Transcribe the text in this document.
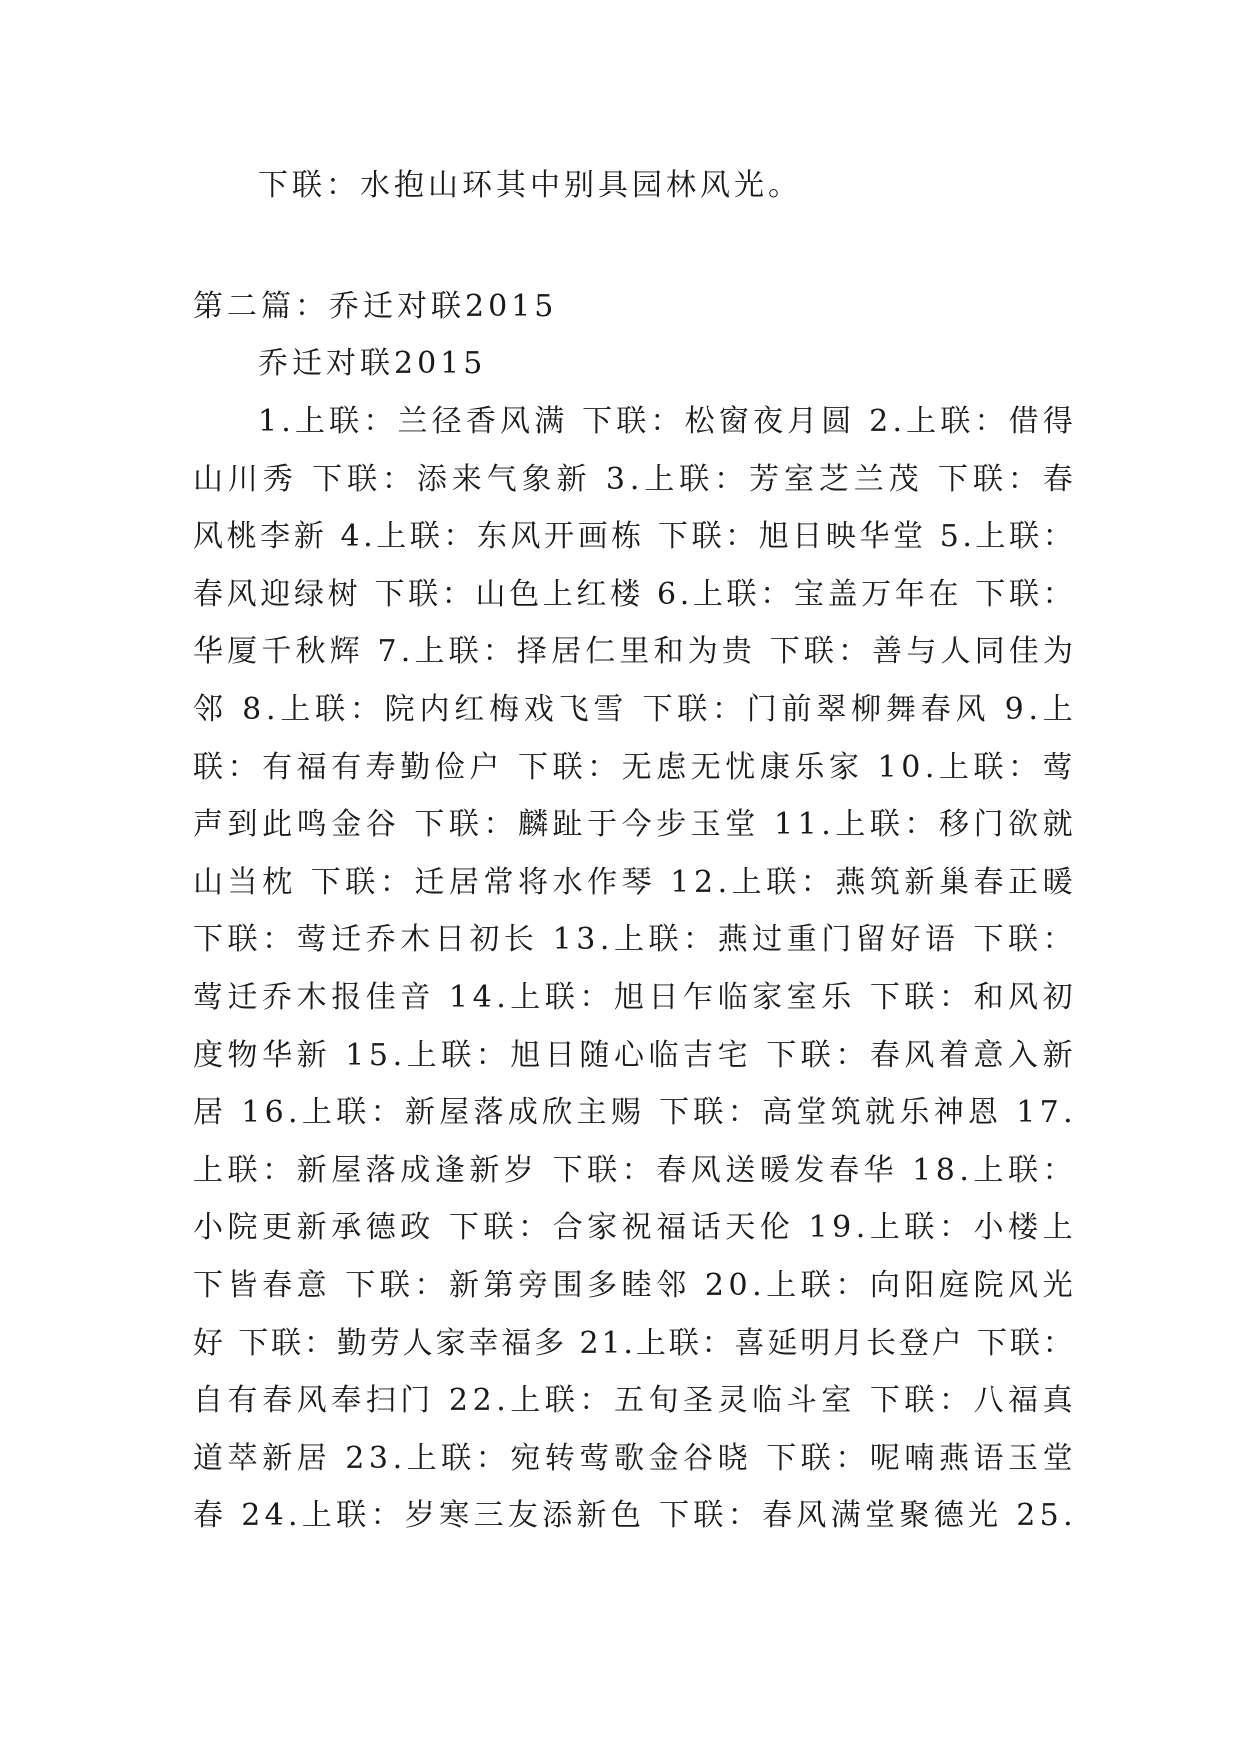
下联：水抱山环其中别具园林风光。
第二篇：乔迁对联2015
乔迁对联2015
1 . 上 联 ： 兰 径 香 风 满
下 联 ： 松 窗 夜 月 圆
2 . 上 联 ： 借 得
山 川 秀
下 联 ： 添 来 气 象 新
3 . 上 联 ： 芳 室 芝 兰 茂
下 联 ： 春
风 桃 李 新
4 . 上 联 ： 东 风 开 画 栋
下 联 ： 旭 日 映 华 堂
5 . 上 联 ：
春 风 迎 绿 树
下 联 ： 山 色 上 红 楼
6 . 上 联 ： 宝 盖 万 年 在
下 联 ：
华 厦 千 秋 辉
7 . 上 联 ： 择 居 仁 里 和 为 贵
下 联 ： 善 与 人 同 佳 为
邻
8 . 上 联 ： 院 内 红 梅 戏 飞 雪
下 联 ： 门 前 翠 柳 舞 春 风
9 . 上
联 ： 有 福 有 寿 勤 俭 户
下 联 ： 无 虑 无 忧 康 乐 家
1 0 . 上 联 ： 莺
声 到 此 鸣 金 谷
下 联 ： 麟 趾 于 今 步 玉 堂
1 1 . 上 联 ： 移 门 欲 就
山 当 枕
下 联 ： 迁 居 常 将 水 作 琴
1 2 . 上 联 ： 燕 筑 新 巢 春 正 暖
下 联 ： 莺 迁 乔 木 日 初 长
1 3 . 上 联 ： 燕 过 重 门 留 好 语
下 联 ：
莺 迁 乔 木 报 佳 音
1 4 . 上 联 ： 旭 日 乍 临 家 室 乐
下 联 ： 和 风 初
度 物 华 新
1 5 . 上 联 ： 旭 日 随 心 临 吉 宅
下 联 ： 春 风 着 意 入 新
居
1 6 . 上 联 ： 新 屋 落 成 欣 主 赐
下 联 ： 高 堂 筑 就 乐 神 恩
1 7 .
上 联 ： 新 屋 落 成 逢 新 岁
下 联 ： 春 风 送 暖 发 春 华
1 8 . 上 联 ：
小 院 更 新 承 德 政
下 联 ： 合 家 祝 福 话 天 伦
1 9 . 上 联 ： 小 楼 上
下 皆 春 意
下 联 ： 新 第 旁 围 多 睦 邻
2 0 . 上 联 ： 向 阳 庭 院 风 光
好
下 联 ： 勤 劳 人 家 幸 福 多
2 1 . 上 联 ： 喜 延 明 月 长 登 户
下 联 ：
自 有 春 风 奉 扫 门
2 2 . 上 联 ： 五 旬 圣 灵 临 斗 室
下 联 ： 八 福 真
道 萃 新 居
2 3 . 上 联 ： 宛 转 莺 歌 金 谷 晓
下 联 ： 呢 喃 燕 语 玉 堂
春
2 4 . 上 联 ： 岁 寒 三 友 添 新 色
下 联 ： 春 风 满 堂 聚 德 光
2 5 .
